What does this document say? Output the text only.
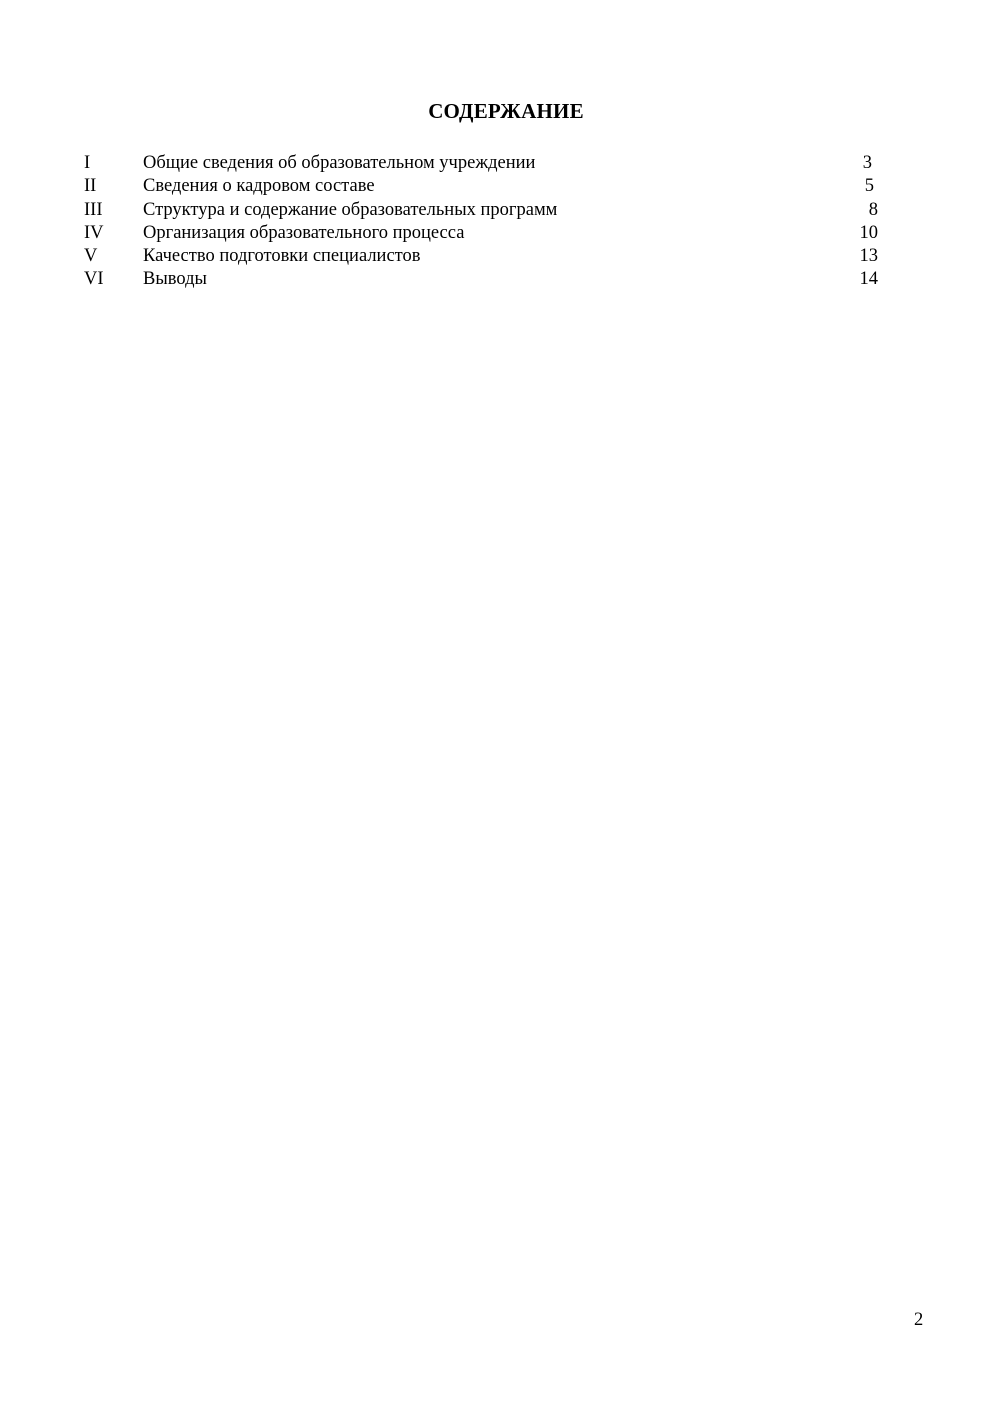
СОДЕРЖАНИЕ
I	Общие сведения об образовательном учреждении	3
II	Сведения о кадровом составе	5
III Структура и содержание образовательных программ	8
IV Организация образовательного процесса	10
V Качество подготовки специалистов	13
VI Выводы	14
2
